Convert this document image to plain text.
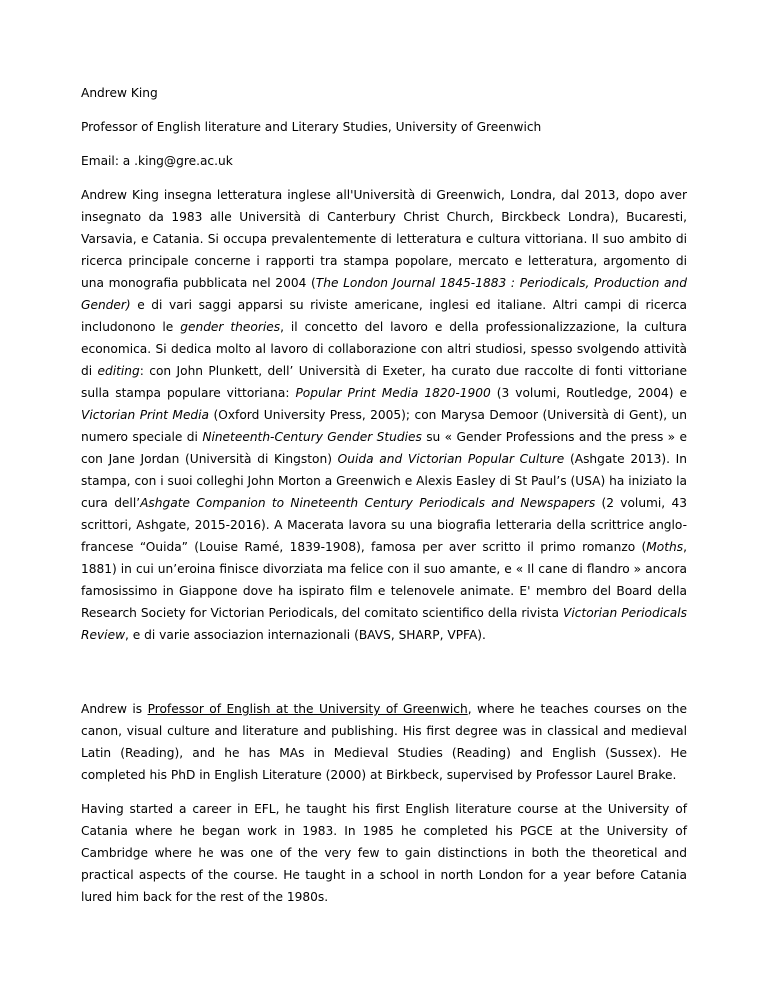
Andrew King

Professor of English literature and Literary Studies, University of Greenwich

Email: a .king@gre.ac.uk

Andrew King insegna letteratura inglese all'Università di Greenwich, Londra, dal 2013, dopo aver insegnato da 1983 alle Università di Canterbury Christ Church, Birckbeck Londra), Bucaresti, Varsavia, e Catania. Si occupa prevalentemente di letteratura e cultura vittoriana. Il suo ambito di ricerca principale concerne i rapporti tra stampa popolare, mercato e letteratura, argomento di una monografia pubblicata nel 2004 (The London Journal 1845-1883 : Periodicals, Production and Gender) e di vari saggi apparsi su riviste americane, inglesi ed italiane. Altri campi di ricerca includonono le gender theories, il concetto del lavoro e della professionalizzazione, la cultura economica. Si dedica molto al lavoro di collaborazione con altri studiosi, spesso svolgendo attività di editing: con John Plunkett, dell’ Università di Exeter, ha curato due raccolte di fonti vittoriane sulla stampa populare vittoriana: Popular Print Media 1820-1900 (3 volumi, Routledge, 2004) e Victorian Print Media (Oxford University Press, 2005); con Marysa Demoor (Università di Gent), un numero speciale di Nineteenth-Century Gender Studies su « Gender Professions and the press » e con Jane Jordan (Università di Kingston) Ouida and Victorian Popular Culture (Ashgate 2013). In stampa, con i suoi colleghi John Morton a Greenwich e Alexis Easley di St Paul’s (USA) ha iniziato la cura dell’Ashgate Companion to Nineteenth Century Periodicals and Newspapers (2 volumi, 43 scrittori, Ashgate, 2015-2016). A Macerata lavora su una biografia letteraria della scrittrice anglo-francese “Ouida” (Louise Ramé, 1839-1908), famosa per aver scritto il primo romanzo (Moths, 1881) in cui un’eroina finisce divorziata ma felice con il suo amante, e « Il cane di flandro » ancora famosissimo in Giappone dove ha ispirato film e telenovele animate. E' membro del Board della Research Society for Victorian Periodicals, del comitato scientifico della rivista Victorian Periodicals Review, e di varie associazion internazionali (BAVS, SHARP, VPFA).

Andrew is Professor of English at the University of Greenwich, where he teaches courses on the canon, visual culture and literature and publishing. His first degree was in classical and medieval Latin (Reading), and he has MAs in Medieval Studies (Reading) and English (Sussex). He completed his PhD in English Literature (2000) at Birkbeck, supervised by Professor Laurel Brake.

Having started a career in EFL, he taught his first English literature course at the University of Catania where he began work in 1983. In 1985 he completed his PGCE at the University of Cambridge where he was one of the very few to gain distinctions in both the theoretical and practical aspects of the course. He taught in a school in north London for a year before Catania lured him back for the rest of the 1980s.
